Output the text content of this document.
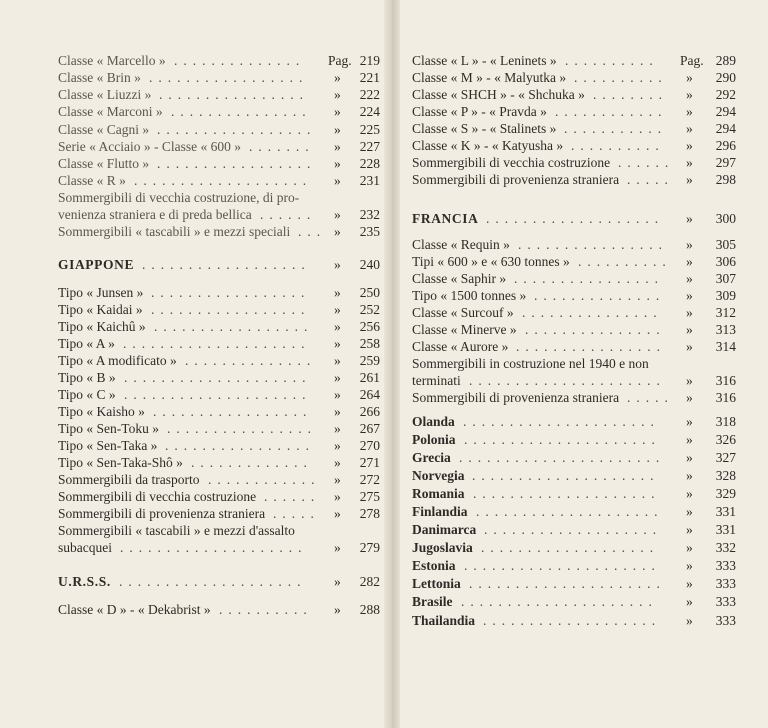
Classe « Marcello » ..............	Pag. 219
Classe « Brin » .................	»	221
Classe « Liuzzi » ................	»	222
Classe « Marconi » ...............	»	224
Classe « Cagni » .................	»	225
Serie « Acciaio » - Classe « 600 » .......	»	227
Classe « Flutto » .................	»	228
Classe « R » ...................	»	231
Sommergibili di vecchia costruzione, di pro-
venienza straniera e di preda bellica ......	»	232
Sommergibili « tascabili » e mezzi speciali ... »	235
GIAPPONE ..................	»	240
Tipo « Junsen » .................	»	250
Tipo « Kaidai » .................	»	252
Tipo « Kaichû » .................	»	256
Tipo « A » ....................	»	258
Tipo « A modificato » ..............	»	259
Tipo « B » ....................	»	261
Tipo « C » ....................	»	264
Tipo « Kaisho » .................	»	266
Tipo « Sen-Toku » ................	»	267
Tipo « Sen-Taka » ................	»	270
Tipo « Sen-Taka-Shô » .............	»	271
Sommergibili da trasporto ............	»	272
Sommergibili di vecchia costruzione ......	»	275
Sommergibili di provenienza straniera .....	»	278
Sommergibili « tascabili » e mezzi d'assalto
subacquei ....................	»	279
U.R.S.S. ....................	»	282
Classe « D » - « Dekabrist » ..........	»	288
Classe « L » - « Leninets » ..........	Pag. 289
Classe « M » - « Malyutka » ..........	»	290
Classe « SHCH » - « Shchuka » ........	»	292
Classe « P » - « Pravda » ............	»	294
Classe « S » - « Stalinets » ...........	»	294
Classe « K » - « Katyusha » ..........	»	296
Sommergibili di vecchia costruzione ...... »	297
Sommergibili di provenienza straniera ..... »	298
FRANCIA ...................	»	300
Classe « Requin » ................	»	305
Tipi « 600 » e « 630 tonnes » ..........	»	306
Classe « Saphir » ................	»	307
Tipo « 1500 tonnes » ..............	»	309
Classe « Surcouf » ...............	»	312
Classe « Minerve » ...............	»	313
Classe « Aurore » ................	»	314
Sommergibili in costruzione nel 1940 e non
terminati .....................	»	316
Sommergibili di provenienza straniera ..... »	316
Olanda .....................	»	318
Polonia .....................	»	326
Grecia ......................	»	327
Norvegia ....................	»	328
Romania ....................	»	329
Finlandia ....................	»	331
Danimarca ...................	»	331
Jugoslavia ...................	»	332
Estonia .....................	»	333
Lettonia .....................	»	333
Brasile .....................	»	333
Thailandia ...................	»	333
